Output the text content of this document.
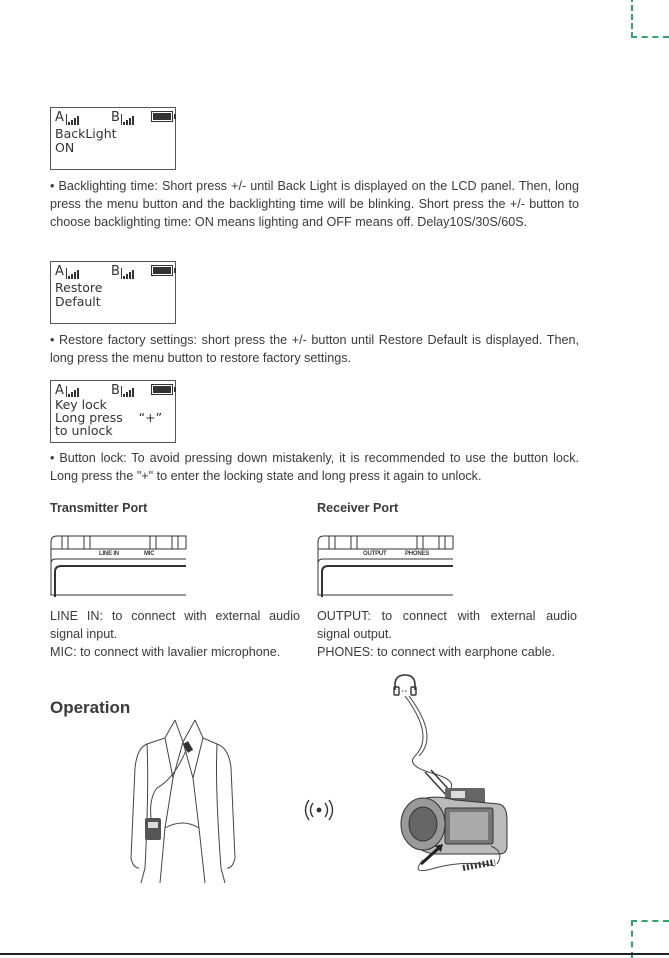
A	B
BackLight
ON
• Backlighting time: Short press +/- until Back Light is displayed on the LCD panel. Then, long press the menu button and the backlighting time will be blinking. Short press the +/- button to choose backlighting time: ON means lighting and OFF means off. Delay10S/30S/60S.
A	B
Restore
Default
• Restore factory settings: short press the +/- button until Restore Default is displayed. Then, long press the menu button to restore factory settings.
A	B
Key lock
Long press    “+”
to unlock
• Button lock: To avoid pressing down mistakenly, it is recommended to use the button lock. Long press the "+" to enter the locking state and long press it again to unlock.
Transmitter Port	Receiver Port
LINE IN	MIC	OUTPUT	PHONES
LINE IN: to connect with external audio signal input.
MIC: to connect with lavalier microphone.
OUTPUT: to connect with external audio signal output.
PHONES: to connect with earphone cable.
Operation
